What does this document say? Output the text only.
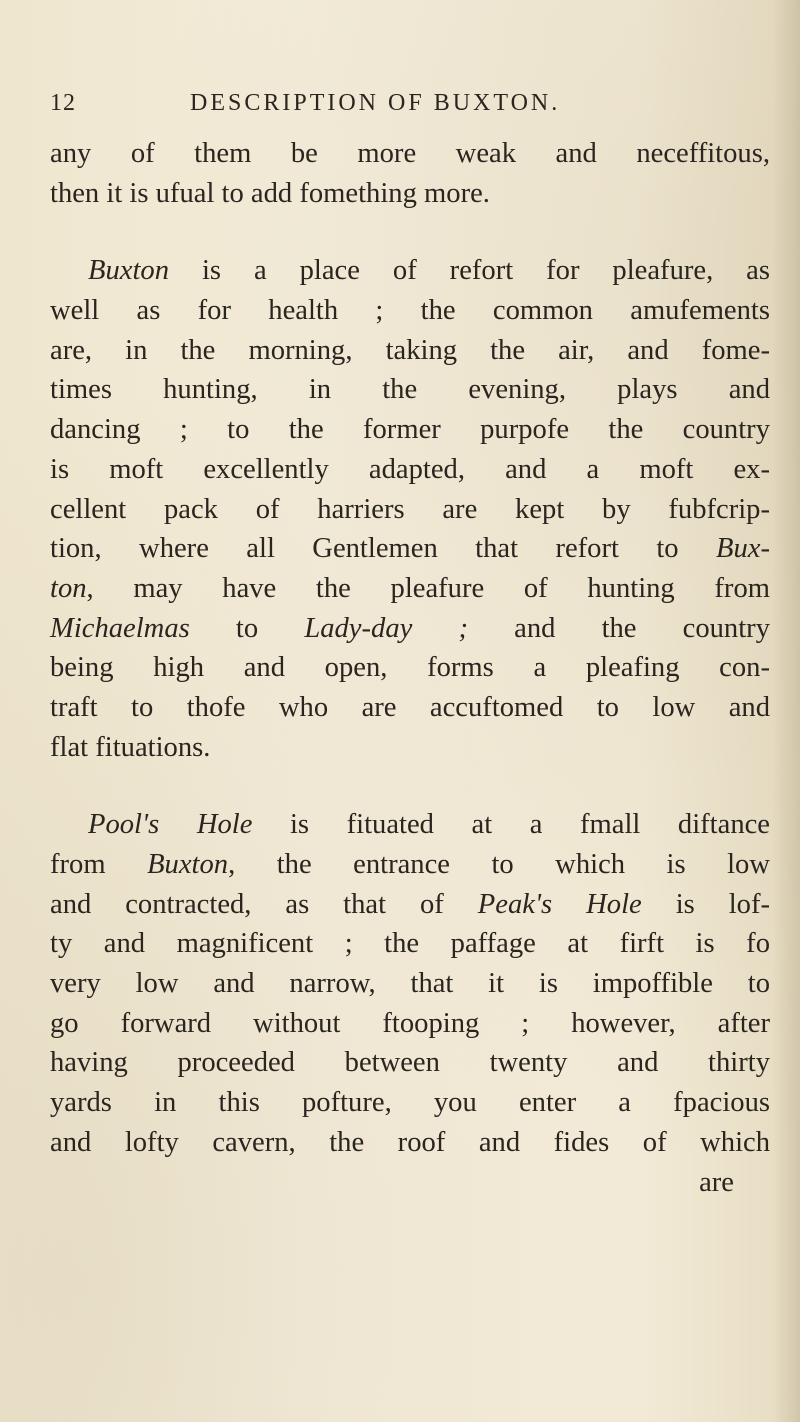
12	DESCRIPTION OF BUXTON.
any of them be more weak and neceffitous,
then it is ufual to add fomething more.
Buxton is a place of refort for pleafure, as
well as for health ; the common amufements
are, in the morning, taking the air, and fome-
times hunting, in the evening, plays and
dancing ; to the former purpofe the country
is moft excellently adapted, and a moft ex-
cellent pack of harriers are kept by fubfcrip-
tion, where all Gentlemen that refort to Bux-
ton, may have the pleafure of hunting from
Michaelmas to Lady-day ; and the country
being high and open, forms a pleafing con-
traft to thofe who are accuftomed to low and
flat fituations.
Pool's Hole is fituated at a fmall diftance
from Buxton, the entrance to which is low
and contracted, as that of Peak's Hole is lof-
ty and magnificent ; the paffage at firft is fo
very low and narrow, that it is impoffible to
go forward without ftooping ; however, after
having proceeded between twenty and thirty
yards in this pofture, you enter a fpacious
and lofty cavern, the roof and fides of which
are
